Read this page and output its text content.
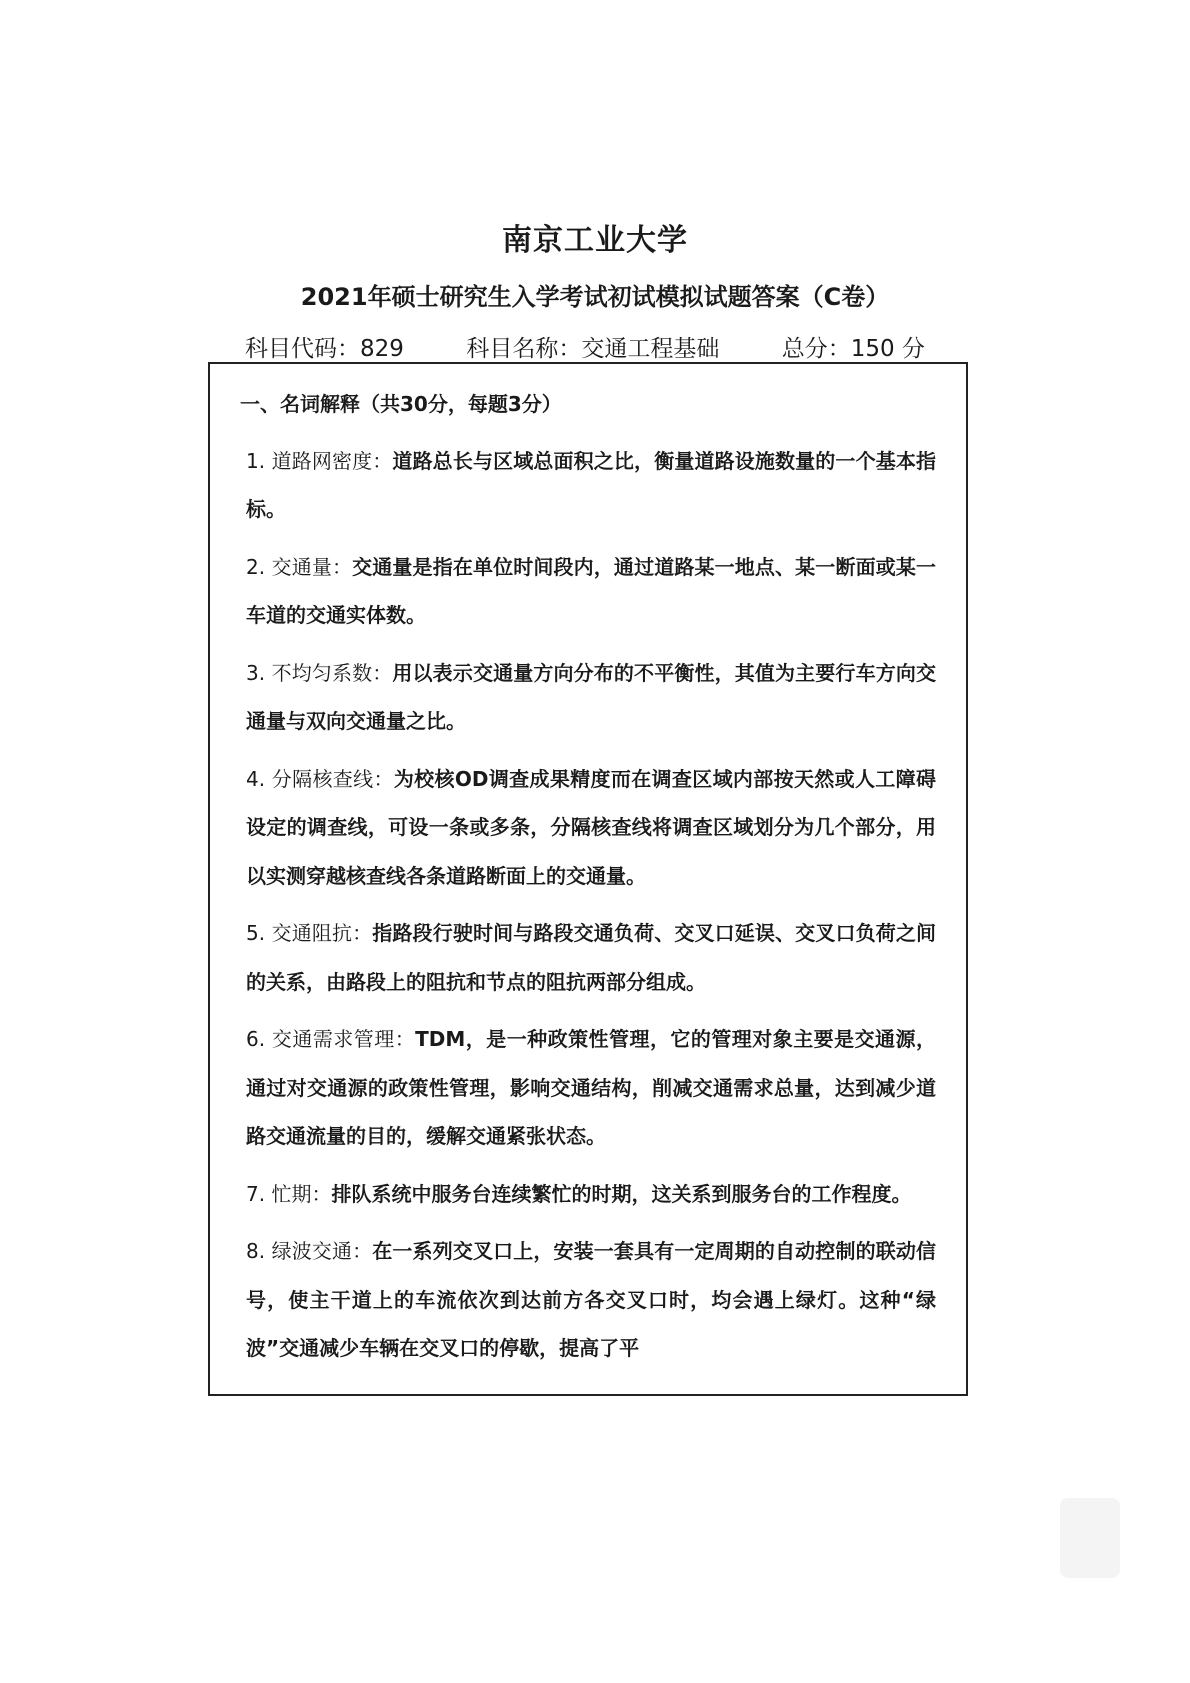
南京工业大学
2021年硕士研究生入学考试初试模拟试题答案（C卷）
科目代码：829	科目名称：交通工程基础	总分：150 分
一、名词解释（共30分，每题3分）
1. 道路网密度：道路总长与区域总面积之比，衡量道路设施数量的一个基本指标。
2. 交通量：交通量是指在单位时间段内，通过道路某一地点、某一断面或某一车道的交通实体数。
3. 不均匀系数：用以表示交通量方向分布的不平衡性，其值为主要行车方向交通量与双向交通量之比。
4. 分隔核查线：为校核OD调查成果精度而在调查区域内部按天然或人工障碍设定的调查线，可设一条或多条，分隔核查线将调查区域划分为几个部分，用以实测穿越核查线各条道路断面上的交通量。
5. 交通阻抗：指路段行驶时间与路段交通负荷、交叉口延误、交叉口负荷之间的关系，由路段上的阻抗和节点的阻抗两部分组成。
6. 交通需求管理：TDM，是一种政策性管理，它的管理对象主要是交通源，通过对交通源的政策性管理，影响交通结构，削减交通需求总量，达到减少道路交通流量的目的，缓解交通紧张状态。
7. 忙期：排队系统中服务台连续繁忙的时期，这关系到服务台的工作程度。
8. 绿波交通：在一系列交叉口上，安装一套具有一定周期的自动控制的联动信号，使主干道上的车流依次到达前方各交叉口时，均会遇上绿灯。这种“绿波”交通减少车辆在交叉口的停歇，提高了平
